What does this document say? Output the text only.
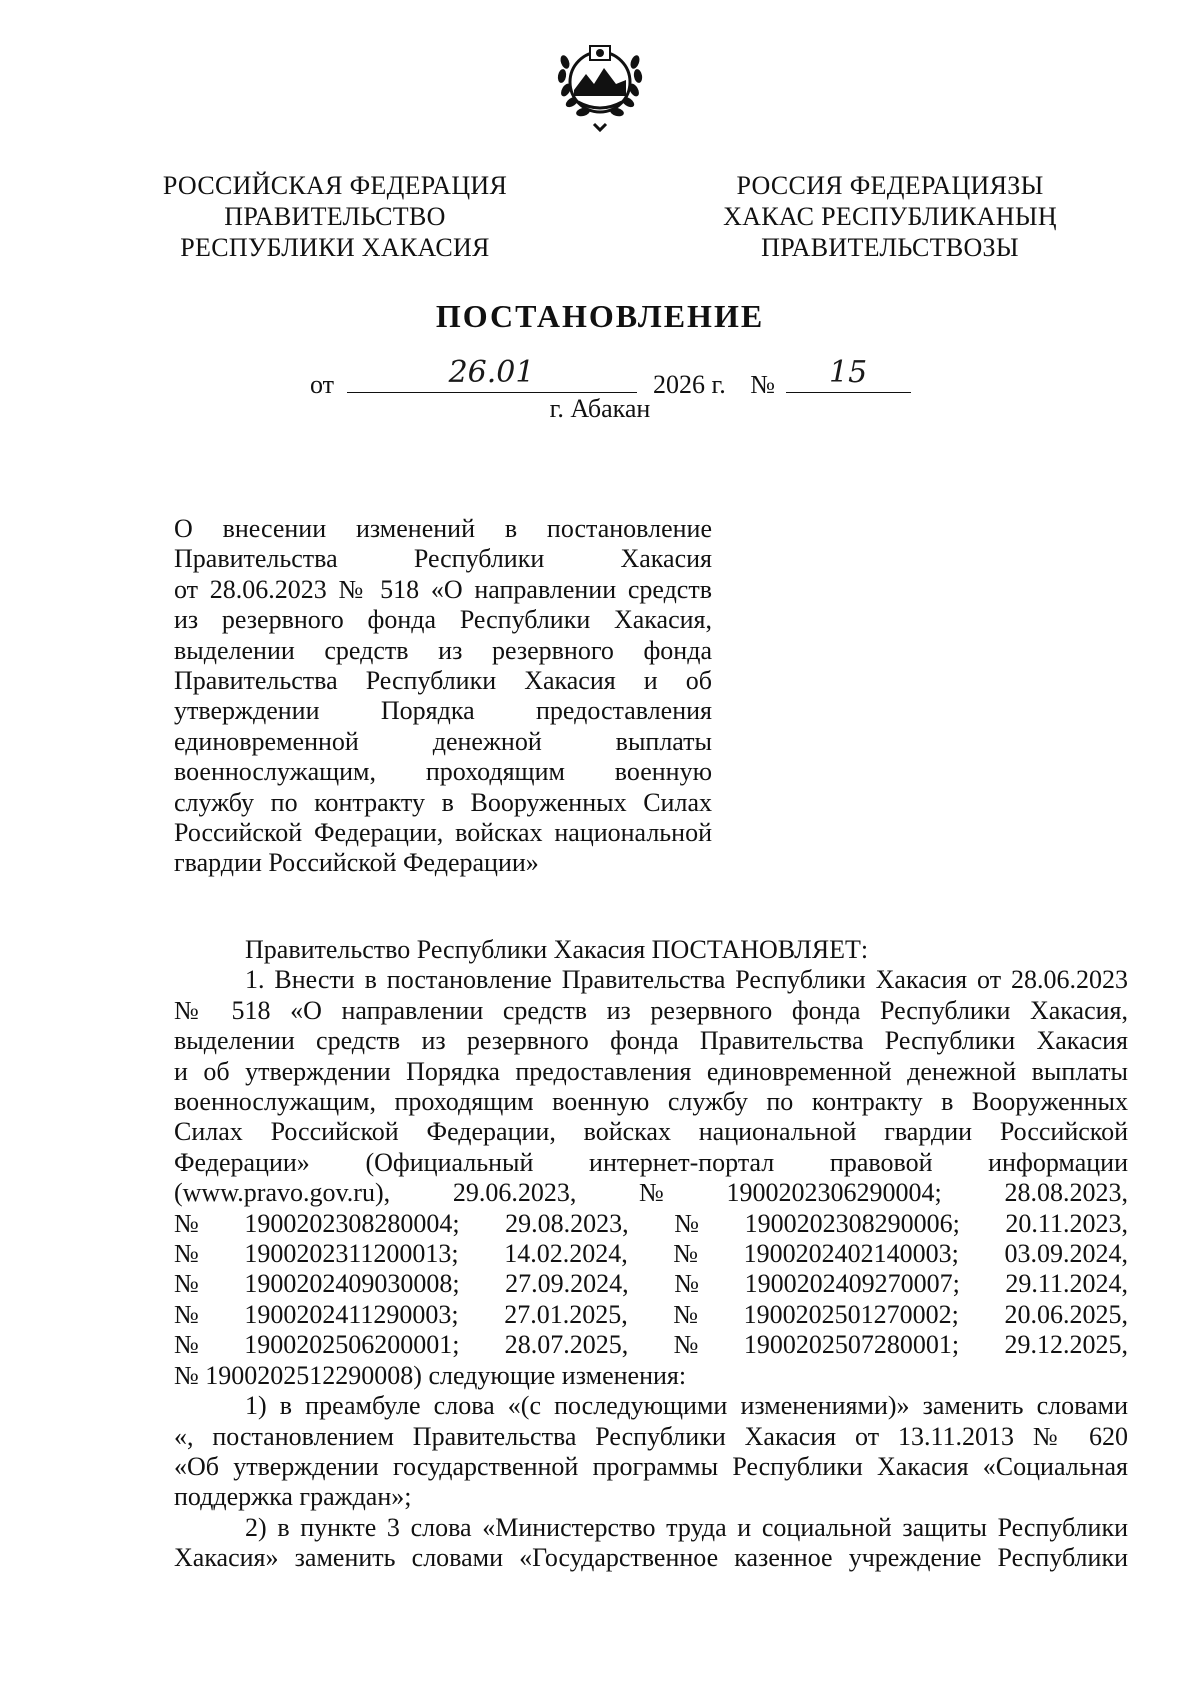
РОССИЙСКАЯ ФЕДЕРАЦИЯ
ПРАВИТЕЛЬСТВО
РЕСПУБЛИКИ ХАКАСИЯ
РОССИЯ ФЕДЕРАЦИЯЗЫ
ХАКАС РЕСПУБЛИКАНЫҢ
ПРАВИТЕЛЬСТВОЗЫ
ПОСТАНОВЛЕНИЕ
от	26.01	2026 г. №	15
г. Абакан
О внесении изменений в постановление
Правительства Республики Хакасия
от 28.06.2023 № 518 «О направлении средств
из резервного фонда Республики Хакасия,
выделении средств из резервного фонда
Правительства Республики Хакасия и об
утверждении Порядка предоставления
единовременной денежной выплаты
военнослужащим, проходящим военную
службу по контракту в Вооруженных Силах
Российской Федерации, войсках национальной
гвардии Российской Федерации»
Правительство Республики Хакасия ПОСТАНОВЛЯЕТ:
1. Внести в постановление Правительства Республики Хакасия от 28.06.2023
№ 518 «О направлении средств из резервного фонда Республики Хакасия,
выделении средств из резервного фонда Правительства Республики Хакасия
и об утверждении Порядка предоставления единовременной денежной выплаты
военнослужащим, проходящим военную службу по контракту в Вооруженных
Силах Российской Федерации, войсках национальной гвардии Российской
Федерации» (Официальный интернет-портал правовой информации
(www.pravo.gov.ru), 29.06.2023, № 1900202306290004; 28.08.2023,
№ 1900202308280004; 29.08.2023, № 1900202308290006; 20.11.2023,
№ 1900202311200013; 14.02.2024, № 1900202402140003; 03.09.2024,
№ 1900202409030008; 27.09.2024, № 1900202409270007; 29.11.2024,
№ 1900202411290003; 27.01.2025, № 1900202501270002; 20.06.2025,
№ 1900202506200001; 28.07.2025, № 1900202507280001; 29.12.2025,
№ 1900202512290008) следующие изменения:
1) в преамбуле слова «(с последующими изменениями)» заменить словами
«, постановлением Правительства Республики Хакасия от 13.11.2013 № 620
«Об утверждении государственной программы Республики Хакасия «Социальная
поддержка граждан»;
2) в пункте 3 слова «Министерство труда и социальной защиты Республики
Хакасия» заменить словами «Государственное казенное учреждение Республики
